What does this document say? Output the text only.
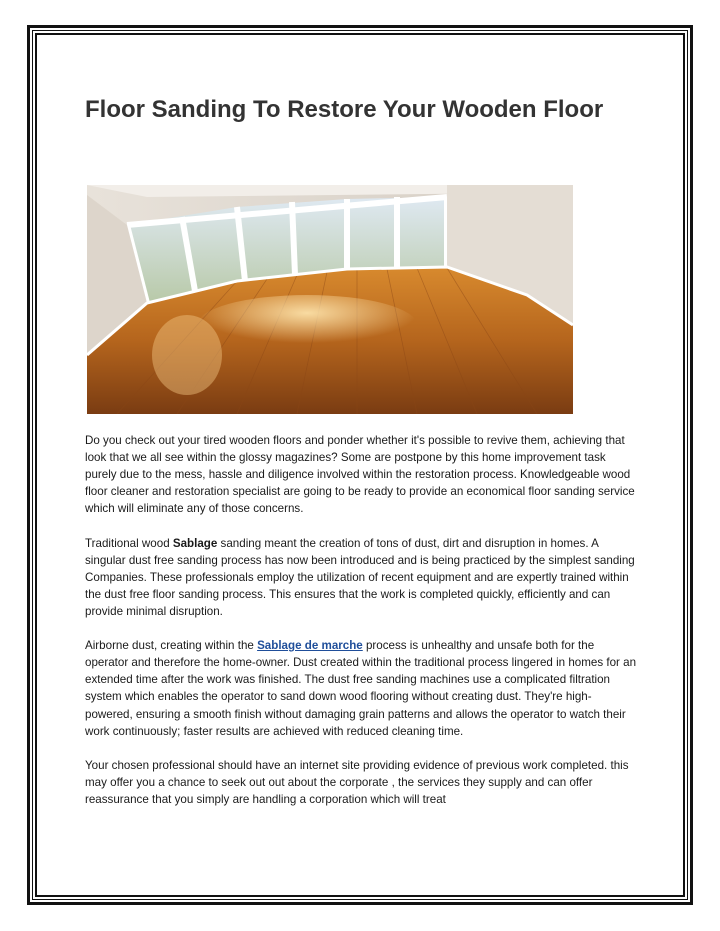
Floor Sanding To Restore Your Wooden Floor

Do you check out your tired wooden floors and ponder whether it's possible to revive them, achieving that look that we all see within the glossy magazines? Some are postpone by this home improvement task purely due to the mess, hassle and diligence involved within the restoration process. Knowledgeable wood floor cleaner and restoration specialist are going to be ready to provide an economical floor sanding service which will eliminate any of those concerns.

Traditional wood Sablage sanding meant the creation of tons of dust, dirt and disruption in homes. A singular dust free sanding process has now been introduced and is being practiced by the simplest sanding Companies. These professionals employ the utilization of recent equipment and are expertly trained within the dust free floor sanding process. This ensures that the work is completed quickly, efficiently and can provide minimal disruption.

Airborne dust, creating within the Sablage de marche process is unhealthy and unsafe both for the operator and therefore the home-owner. Dust created within the traditional process lingered in homes for an extended time after the work was finished. The dust free sanding machines use a complicated filtration system which enables the operator to sand down wood flooring without creating dust. They're high-powered, ensuring a smooth finish without damaging grain patterns and allows the operator to watch their work continuously; faster results are achieved with reduced cleaning time.

Your chosen professional should have an internet site providing evidence of previous work completed. this may offer you a chance to seek out out about the corporate , the services they supply and can offer reassurance that you simply are handling a corporation which will treat
